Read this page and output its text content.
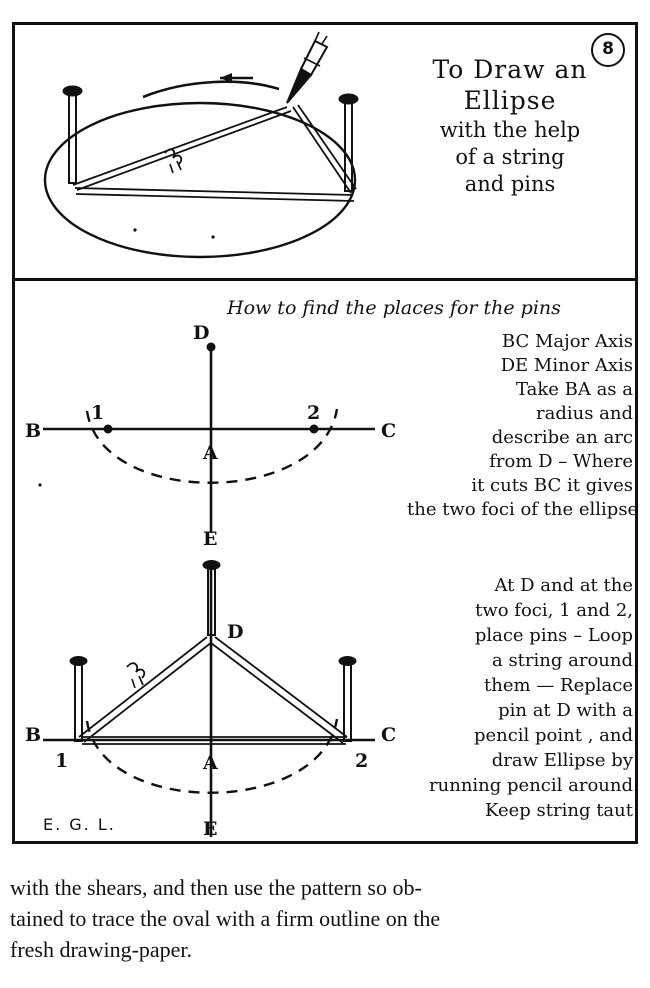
8
To Draw an
Ellipse
with the help
of a string
and pins
How to find the places for the pins
D
B	C
A
E
1	2
D
B	C
A
E
1	2
E. G. L.
BC Major Axis
DE Minor Axis
Take BA as a
radius and
describe an arc
from D – Where
it cuts BC it gives
the two foci of the ellipse
At D and at the
two foci, 1 and 2,
place pins – Loop
a string around
them — Replace
pin at D with a
pencil point , and
draw Ellipse by
running pencil around
Keep string taut
with the shears, and then use the pattern so ob-
tained to trace the oval with a firm outline on the
fresh drawing-paper.
